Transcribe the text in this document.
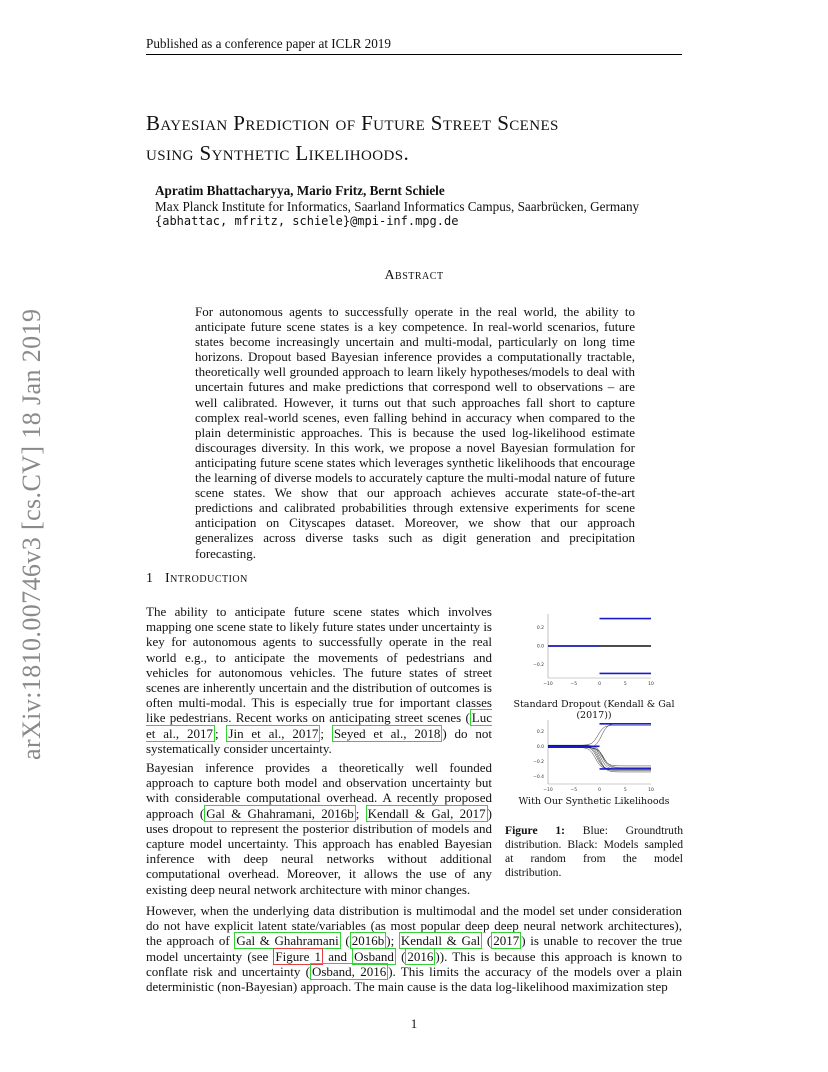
Published as a conference paper at ICLR 2019
Bayesian Prediction of Future Street Scenes
using Synthetic Likelihoods.
Apratim Bhattacharyya, Mario Fritz, Bernt Schiele
Max Planck Institute for Informatics, Saarland Informatics Campus, Saarbrücken, Germany
{abhattac, mfritz, schiele}@mpi-inf.mpg.de
arXiv:1810.00746v3 [cs.CV] 18 Jan 2019
Abstract
For autonomous agents to successfully operate in the real world, the ability to anticipate future scene states is a key competence. In real-world scenarios, future states become increasingly uncertain and multi-modal, particularly on long time horizons. Dropout based Bayesian inference provides a computationally tractable, theoretically well grounded approach to learn likely hypotheses/models to deal with uncertain futures and make predictions that correspond well to observations – are well calibrated. However, it turns out that such approaches fall short to capture complex real-world scenes, even falling behind in accuracy when compared to the plain deterministic approaches. This is because the used log-likelihood estimate discourages diversity. In this work, we propose a novel Bayesian formulation for anticipating future scene states which leverages synthetic likelihoods that encourage the learning of diverse models to accurately capture the multi-modal nature of future scene states. We show that our approach achieves accurate state-of-the-art predictions and calibrated probabilities through extensive experiments for scene anticipation on Cityscapes dataset. Moreover, we show that our approach generalizes across diverse tasks such as digit generation and precipitation forecasting.
1 Introduction
The ability to anticipate future scene states which involves mapping one scene state to likely future states under uncertainty is key for autonomous agents to successfully operate in the real world e.g., to anticipate the movements of pedestrians and vehicles for autonomous vehicles. The future states of street scenes are inherently uncertain and the distribution of outcomes is often multi-modal. This is especially true for important classes like pedestrians. Recent works on anticipating street scenes ( Luc et al., 2017 ; Jin et al., 2017 ; Seyed et al., 2018 ) do not systematically consider uncertainty.
Bayesian inference provides a theoretically well founded approach to capture both model and observation uncertainty but with considerable computational overhead. A recently proposed approach ( Gal & Ghahramani, 2016b ; Kendall & Gal, 2017 ) uses dropout to represent the posterior distribution of models and capture model uncertainty. This approach has enabled Bayesian inference with deep neural networks without additional computational overhead. Moreover, it allows the use of any existing deep neural network architecture with minor changes.
However, when the underlying data distribution is multimodal and the model set under consideration do not have explicit latent state/variables (as most popular deep deep neural network architectures), the approach of Gal & Ghahramani ( 2016b ); Kendall & Gal ( 2017 ) is unable to recover the true model uncertainty (see Figure 1 and Osband ( 2016 )). This is because this approach is known to conflate risk and uncertainty ( Osband, 2016 ). This limits the accuracy of the models over a plain deterministic (non-Bayesian) approach. The main cause is the data log-likelihood maximization step
−10	−5	0	5	10
0.2
0.0
−0.2
Standard Dropout (Kendall & Gal (2017))
−10	−5	0	5	10
0.2
0.0
−0.2
−0.4
With Our Synthetic Likelihoods
Figure 1: Blue: Groundtruth distribution. Black: Models sampled at random from the model distribution.
1
